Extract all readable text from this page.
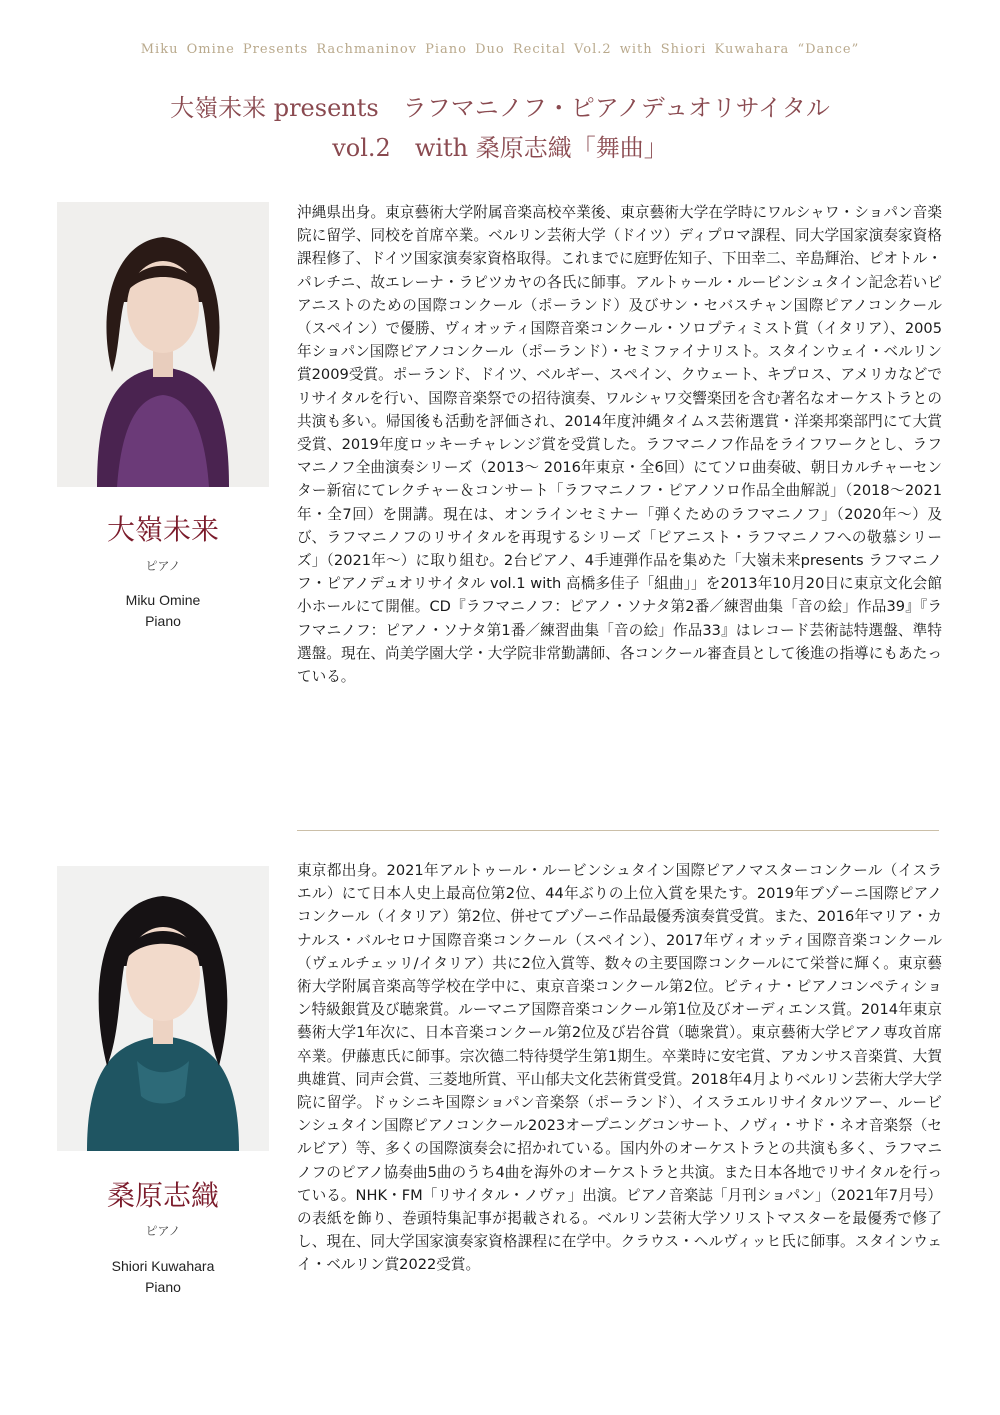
Miku Omine Presents Rachmaninov Piano Duo Recital Vol.2 with Shiori Kuwahara “Dance”
大嶺未来 presents　ラフマニノフ・ピアノデュオリサイタル
vol.2　with 桑原志織「舞曲」
大嶺未来
ピアノ
Miku Omine
Piano

沖縄県出身。東京藝術大学附属音楽高校卒業後、東京藝術大学在学時にワルシャワ・ショパン音楽院に留学、同校を首席卒業。ベルリン芸術大学（ドイツ）ディプロマ課程、同大学国家演奏家資格課程修了、ドイツ国家演奏家資格取得。これまでに庭野佐知子、下田幸二、辛島輝治、ピオトル・パレチニ、故エレーナ・ラピツカヤの各氏に師事。アルトゥール・ルービンシュタイン記念若いピアニストのための国際コンクール（ポーランド）及びサン・セバスチャン国際ピアノコンクール（スペイン）で優勝、ヴィオッティ国際音楽コンクール・ソロプティミスト賞（イタリア）、2005年ショパン国際ピアノコンクール（ポーランド）・セミファイナリスト。スタインウェイ・ベルリン賞2009受賞。ポーランド、ドイツ、ベルギー、スペイン、クウェート、キプロス、アメリカなどでリサイタルを行い、国際音楽祭での招待演奏、ワルシャワ交響楽団を含む著名なオーケストラとの共演も多い。帰国後も活動を評価され、2014年度沖縄タイムス芸術選賞・洋楽邦楽部門にて大賞受賞、2019年度ロッキーチャレンジ賞を受賞した。ラフマニノフ作品をライフワークとし、ラフマニノフ全曲演奏シリーズ（2013〜 2016年東京・全6回）にてソロ曲奏破、朝日カルチャーセンター新宿にてレクチャー＆コンサート「ラフマニノフ・ピアノソロ作品全曲解説」（2018〜2021年・全7回）を開講。現在は、オンラインセミナー「弾くためのラフマニノフ」（2020年〜）及び、ラフマニノフのリサイタルを再現するシリーズ「ピアニスト・ラフマニノフへの敬慕シリーズ」（2021年〜）に取り組む。2台ピアノ、4手連弾作品を集めた「大嶺未来presents ラフマニノフ・ピアノデュオリサイタル vol.1 with 高橋多佳子「組曲」」を2013年10月20日に東京文化会館小ホールにて開催。CD『ラフマニノフ：ピアノ・ソナタ第2番／練習曲集「音の絵」作品39』『ラフマニノフ：ピアノ・ソナタ第1番／練習曲集「音の絵」作品33』はレコード芸術誌特選盤、準特選盤。現在、尚美学園大学・大学院非常勤講師、各コンクール審査員として後進の指導にもあたっている。

桑原志織
ピアノ
Shiori Kuwahara
Piano

東京都出身。2021年アルトゥール・ルービンシュタイン国際ピアノマスターコンクール（イスラエル）にて日本人史上最高位第2位、44年ぶりの上位入賞を果たす。2019年ブゾーニ国際ピアノコンクール（イタリア）第2位、併せてブゾーニ作品最優秀演奏賞受賞。また、2016年マリア・カナルス・バルセロナ国際音楽コンクール（スペイン）、2017年ヴィオッティ国際音楽コンクール（ヴェルチェッリ/イタリア）共に2位入賞等、数々の主要国際コンクールにて栄誉に輝く。東京藝術大学附属音楽高等学校在学中に、東京音楽コンクール第2位。ピティナ・ピアノコンペティション特級銀賞及び聴衆賞。ルーマニア国際音楽コンクール第1位及びオーディエンス賞。2014年東京藝術大学1年次に、日本音楽コンクール第2位及び岩谷賞（聴衆賞）。東京藝術大学ピアノ専攻首席卒業。伊藤恵氏に師事。宗次德二特待奨学生第1期生。卒業時に安宅賞、アカンサス音楽賞、大賀典雄賞、同声会賞、三菱地所賞、平山郁夫文化芸術賞受賞。2018年4月よりベルリン芸術大学大学院に留学。ドゥシニキ国際ショパン音楽祭（ポーランド）、イスラエルリサイタルツアー、ルービンシュタイン国際ピアノコンクール2023オープニングコンサート、ノヴィ・サド・ネオ音楽祭（セルビア）等、多くの国際演奏会に招かれている。国内外のオーケストラとの共演も多く、ラフマニノフのピアノ協奏曲5曲のうち4曲を海外のオーケストラと共演。また日本各地でリサイタルを行っている。NHK・FM「リサイタル・ノヴァ」出演。ピアノ音楽誌「月刊ショパン」（2021年7月号）の表紙を飾り、巻頭特集記事が掲載される。ベルリン芸術大学ソリストマスターを最優秀で修了し、現在、同大学国家演奏家資格課程に在学中。クラウス・ヘルヴィッヒ氏に師事。スタインウェイ・ベルリン賞2022受賞。
